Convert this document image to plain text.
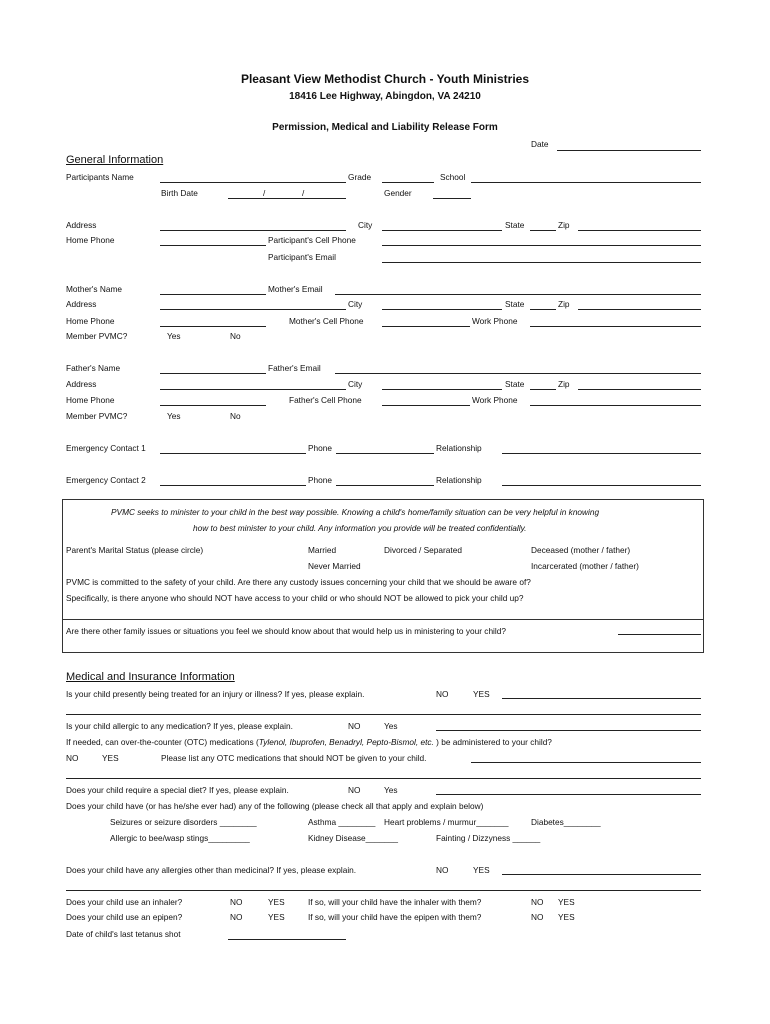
Pleasant View Methodist Church - Youth Ministries
18416 Lee Highway, Abingdon, VA 24210
Permission, Medical and Liability Release Form
Date
General Information
Participants Name	Grade	School
Birth Date	/	/	Gender
Address	City	State	Zip
Home Phone	Participant's Cell Phone
Participant's Email
Mother's Name	Mother's Email
Address	City	State	Zip
Home Phone	Mother's Cell Phone	Work Phone
Member PVMC?	Yes	No
Father's Name	Father's Email
Address	City	State	Zip
Home Phone	Father's Cell Phone	Work Phone
Member PVMC?	Yes	No
Emergency Contact 1	Phone	Relationship
Emergency Contact 2	Phone	Relationship
PVMC seeks to minister to your child in the best way possible. Knowing a child's home/family situation can be very helpful in knowing
how to best minister to your child. Any information you provide will be treated confidentially.
Parent's Marital Status (please circle)	Married	Divorced / Separated	Deceased (mother / father)
Never Married	Incarcerated (mother / father)
PVMC is committed to the safety of your child. Are there any custody issues concerning your child that we should be aware of?
Specifically, is there anyone who should NOT have access to your child or who should NOT be allowed to pick your child up?
Are there other family issues or situations you feel we should know about that would help us in ministering to your child?
Medical and Insurance Information
Is your child presently being treated for an injury or illness? If yes, please explain.	NO	YES
Is your child allergic to any medication? If yes, please explain.	NO	Yes
If needed, can over-the-counter (OTC) medications (Tylenol, Ibuprofen, Benadryl, Pepto-Bismol, etc. ) be administered to your child?
NO	YES	Please list any OTC medications that should NOT be given to your child.
Does your child require a special diet? If yes, please explain.	NO	Yes
Does your child have (or has he/she ever had) any of the following (please check all that apply and explain below)
Seizures or seizure disorders ________	Asthma ________ Heart problems / murmur_______	Diabetes________
Allergic to bee/wasp stings_________	Kidney Disease_______	Fainting / Dizzyness ______
Does your child have any allergies other than medicinal? If yes, please explain.	NO	YES
Does your child use an inhaler?	NO	YES	If so, will your child have the inhaler with them?	NO YES
Does your child use an epipen?	NO	YES	If so, will your child have the epipen with them?	NO YES
Date of child's last tetanus shot
